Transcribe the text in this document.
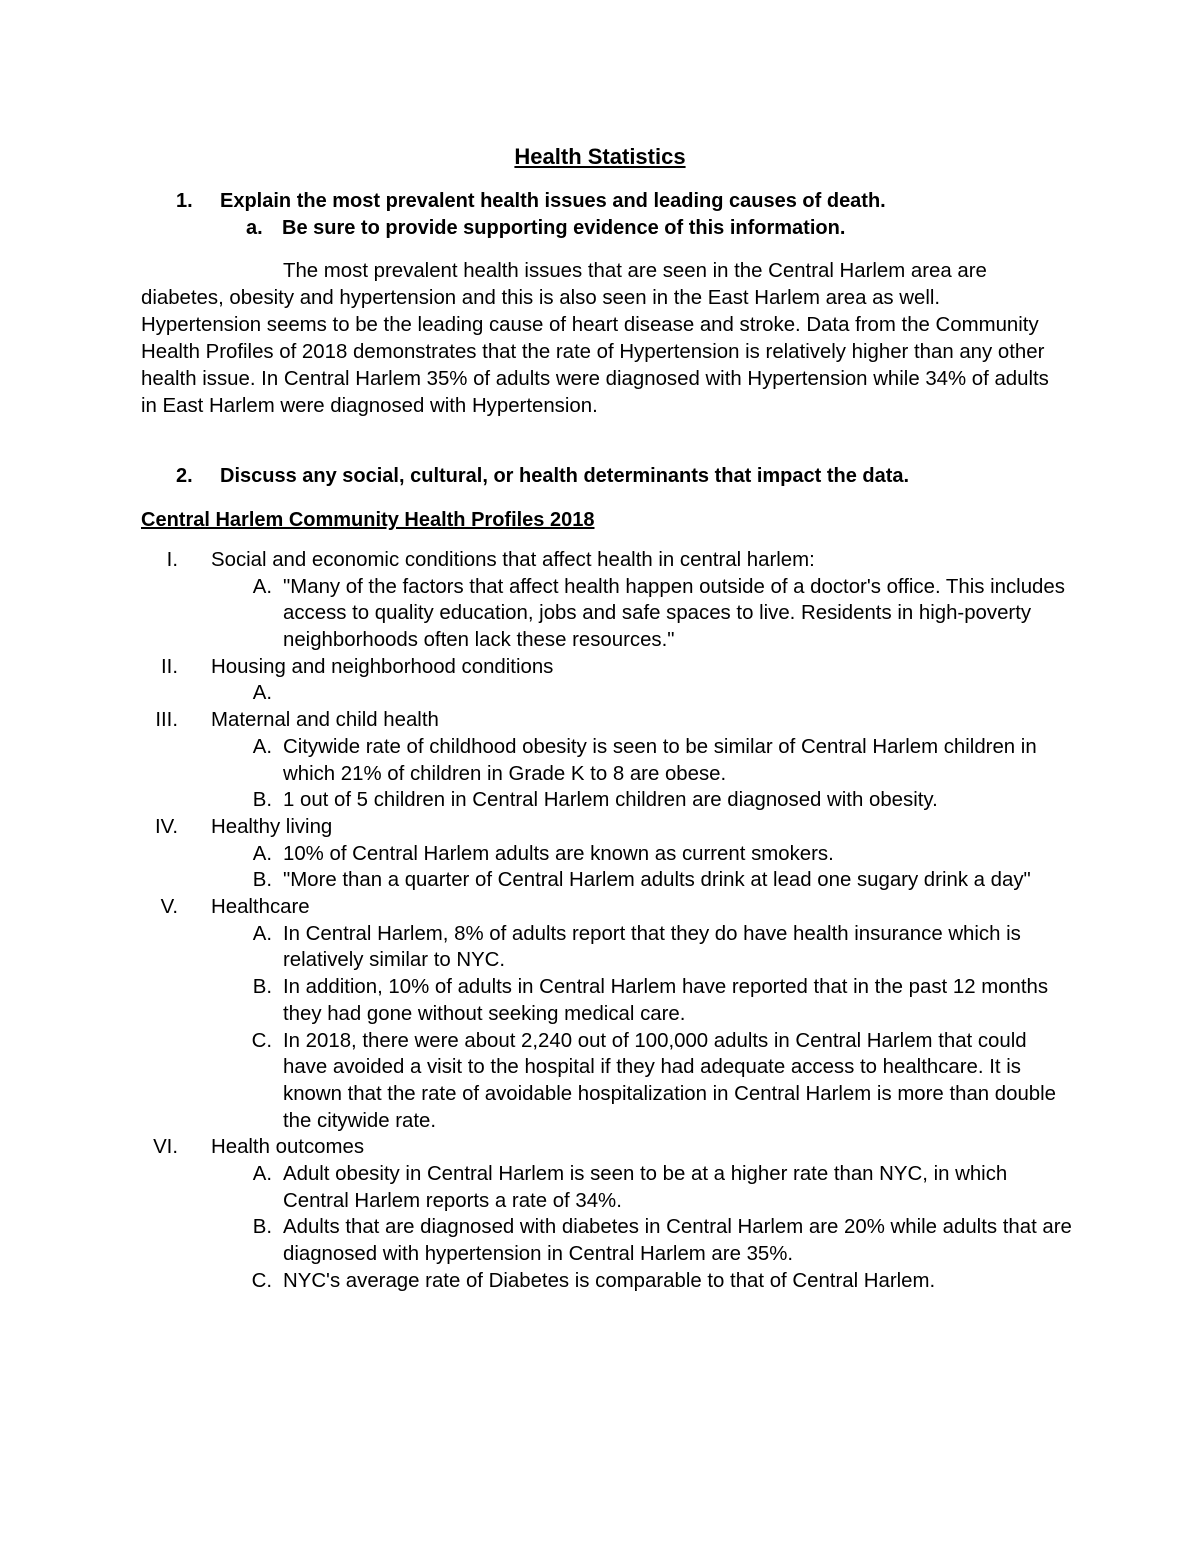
Health Statistics
1. Explain the most prevalent health issues and leading causes of death.
a. Be sure to provide supporting evidence of this information.

The most prevalent health issues that are seen in the Central Harlem area are diabetes, obesity and hypertension and this is also seen in the East Harlem area as well. Hypertension seems to be the leading cause of heart disease and stroke. Data from the Community Health Profiles of 2018 demonstrates that the rate of Hypertension is relatively higher than any other health issue. In Central Harlem 35% of adults were diagnosed with Hypertension while 34% of adults in East Harlem were diagnosed with Hypertension.

2. Discuss any social, cultural, or health determinants that impact the data.
Central Harlem Community Health Profiles 2018
I. Social and economic conditions that affect health in central harlem:
A. "Many of the factors that affect health happen outside of a doctor's office. This includes access to quality education, jobs and safe spaces to live. Residents in high-poverty neighborhoods often lack these resources."
II. Housing and neighborhood conditions
A.
III. Maternal and child health
A. Citywide rate of childhood obesity is seen to be similar of Central Harlem children in which 21% of children in Grade K to 8 are obese.
B. 1 out of 5 children in Central Harlem children are diagnosed with obesity.
IV. Healthy living
A. 10% of Central Harlem adults are known as current smokers.
B. "More than a quarter of Central Harlem adults drink at lead one sugary drink a day"
V. Healthcare
A. In Central Harlem, 8% of adults report that they do have health insurance which is relatively similar to NYC.
B. In addition, 10% of adults in Central Harlem have reported that in the past 12 months they had gone without seeking medical care.
C. In 2018, there were about 2,240 out of 100,000 adults in Central Harlem that could have avoided a visit to the hospital if they had adequate access to healthcare. It is known that the rate of avoidable hospitalization in Central Harlem is more than double the citywide rate.
VI. Health outcomes
A. Adult obesity in Central Harlem is seen to be at a higher rate than NYC, in which Central Harlem reports a rate of 34%.
B. Adults that are diagnosed with diabetes in Central Harlem are 20% while adults that are diagnosed with hypertension in Central Harlem are 35%.
C. NYC's average rate of Diabetes is comparable to that of Central Harlem.
